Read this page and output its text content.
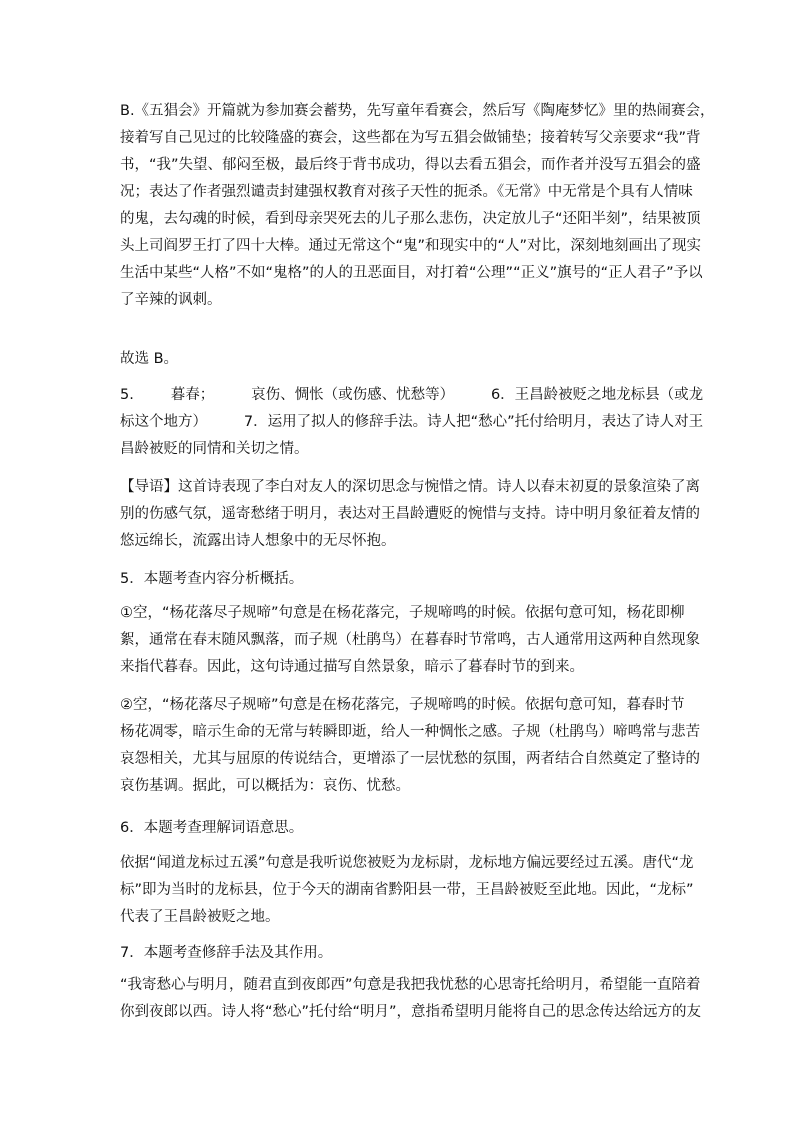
B.《五猖会》开篇就为参加赛会蓄势，先写童年看赛会，然后写《陶庵梦忆》里的热闹赛会，
接着写自己见过的比较隆盛的赛会，这些都在为写五猖会做铺垫；接着转写父亲要求“我”背
书，“我”失望、郁闷至极，最后终于背书成功，得以去看五猖会，而作者并没写五猖会的盛
况；表达了作者强烈谴责封建强权教育对孩子天性的扼杀。《无常》中无常是个具有人情味
的鬼，去勾魂的时候，看到母亲哭死去的儿子那么悲伤，决定放儿子“还阳半刻”，结果被顶
头上司阎罗王打了四十大棒。通过无常这个“鬼”和现实中的“人”对比，深刻地刻画出了现实
生活中某些“人格”不如“鬼格”的人的丑恶面目，对打着“公理”“正义”旗号的“正人君子”予以
了辛辣的讽刺。
故选 B。
5.        暮春；        哀伤、惆怅（或伤感、忧愁等）        6．王昌龄被贬之地龙标县（或龙
标这个地方）        7．运用了拟人的修辞手法。诗人把“愁心”托付给明月，表达了诗人对王
昌龄被贬的同情和关切之情。
【导语】这首诗表现了李白对友人的深切思念与惋惜之情。诗人以春末初夏的景象渲染了离
别的伤感气氛，遥寄愁绪于明月，表达对王昌龄遭贬的惋惜与支持。诗中明月象征着友情的
悠远绵长，流露出诗人想象中的无尽怀抱。
5．本题考查内容分析概括。
①空，“杨花落尽子规啼”句意是在杨花落完，子规啼鸣的时候。依据句意可知，杨花即柳
絮，通常在春末随风飘落，而子规（杜鹃鸟）在暮春时节常鸣，古人通常用这两种自然现象
来指代暮春。因此，这句诗通过描写自然景象，暗示了暮春时节的到来。
②空，“杨花落尽子规啼”句意是在杨花落完，子规啼鸣的时候。依据句意可知，暮春时节
杨花凋零，暗示生命的无常与转瞬即逝，给人一种惆怅之感。子规（杜鹃鸟）啼鸣常与悲苦
哀怨相关，尤其与屈原的传说结合，更增添了一层忧愁的氛围，两者结合自然奠定了整诗的
哀伤基调。据此，可以概括为：哀伤、忧愁。
6．本题考查理解词语意思。
依据“闻道龙标过五溪”句意是我听说您被贬为龙标尉，龙标地方偏远要经过五溪。唐代“龙
标”即为当时的龙标县，位于今天的湖南省黔阳县一带，王昌龄被贬至此地。因此，“龙标”
代表了王昌龄被贬之地。
7．本题考查修辞手法及其作用。
“我寄愁心与明月，随君直到夜郎西”句意是我把我忧愁的心思寄托给明月，希望能一直陪着
你到夜郎以西。诗人将“愁心”托付给“明月”，意指希望明月能将自己的思念传达给远方的友
